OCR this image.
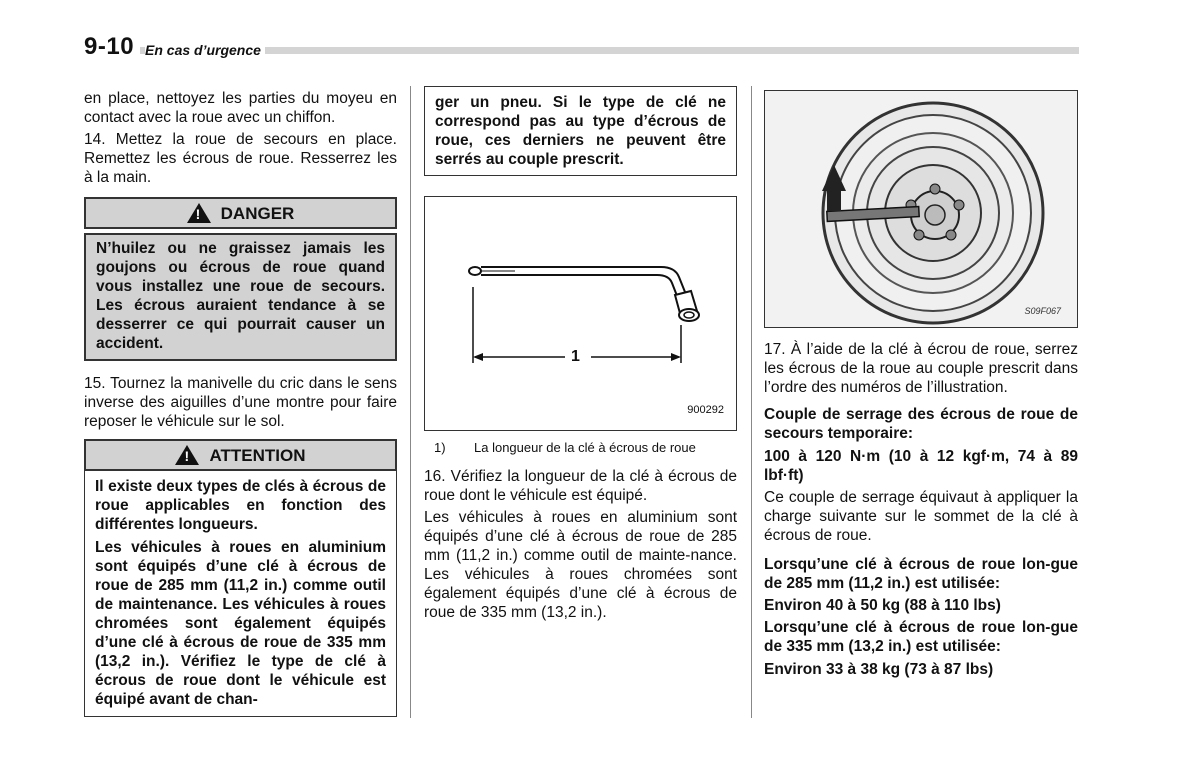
9-10 En cas d’urgence

en place, nettoyez les parties du moyeu en contact avec la roue avec un chiffon.

14. Mettez la roue de secours en place. Remettez les écrous de roue. Resserrez les à la main.

! DANGER

N’huilez ou ne graissez jamais les goujons ou écrous de roue quand vous installez une roue de secours. Les écrous auraient tendance à se desserrer ce qui pourrait causer un accident.

15. Tournez la manivelle du cric dans le sens inverse des aiguilles d’une montre pour faire reposer le véhicule sur le sol.

! ATTENTION

Il existe deux types de clés à écrous de roue applicables en fonction des différentes longueurs.

Les véhicules à roues en aluminium sont équipés d’une clé à écrous de roue de 285 mm (11,2 in.) comme outil de maintenance. Les véhicules à roues chromées sont également équipés d’une clé à écrous de roue de 335 mm (13,2 in.). Vérifiez le type de clé à écrous de roue dont le véhicule est équipé avant de chan-

ger un pneu. Si le type de clé ne correspond pas au type d’écrous de roue, ces derniers ne peuvent être serrés au couple prescrit.

1
900292
1)	La longueur de la clé à écrous de roue

16. Vérifiez la longueur de la clé à écrous de roue dont le véhicule est équipé.

Les véhicules à roues en aluminium sont équipés d’une clé à écrous de roue de 285 mm (11,2 in.) comme outil de mainte-nance. Les véhicules à roues chromées sont également équipés d’une clé à écrous de roue de 335 mm (13,2 in.).

S09F067

17. À l’aide de la clé à écrou de roue, serrez les écrous de la roue au couple prescrit dans l’ordre des numéros de l’illustration.

Couple de serrage des écrous de roue de secours temporaire:

100 à 120 N·m (10 à 12 kgf·m, 74 à 89 lbf·ft)

Ce couple de serrage équivaut à appliquer la charge suivante sur le sommet de la clé à écrous de roue.

Lorsqu’une clé à écrous de roue lon-gue de 285 mm (11,2 in.) est utilisée:

Environ 40 à 50 kg (88 à 110 lbs)

Lorsqu’une clé à écrous de roue lon-gue de 335 mm (13,2 in.) est utilisée:

Environ 33 à 38 kg (73 à 87 lbs)
